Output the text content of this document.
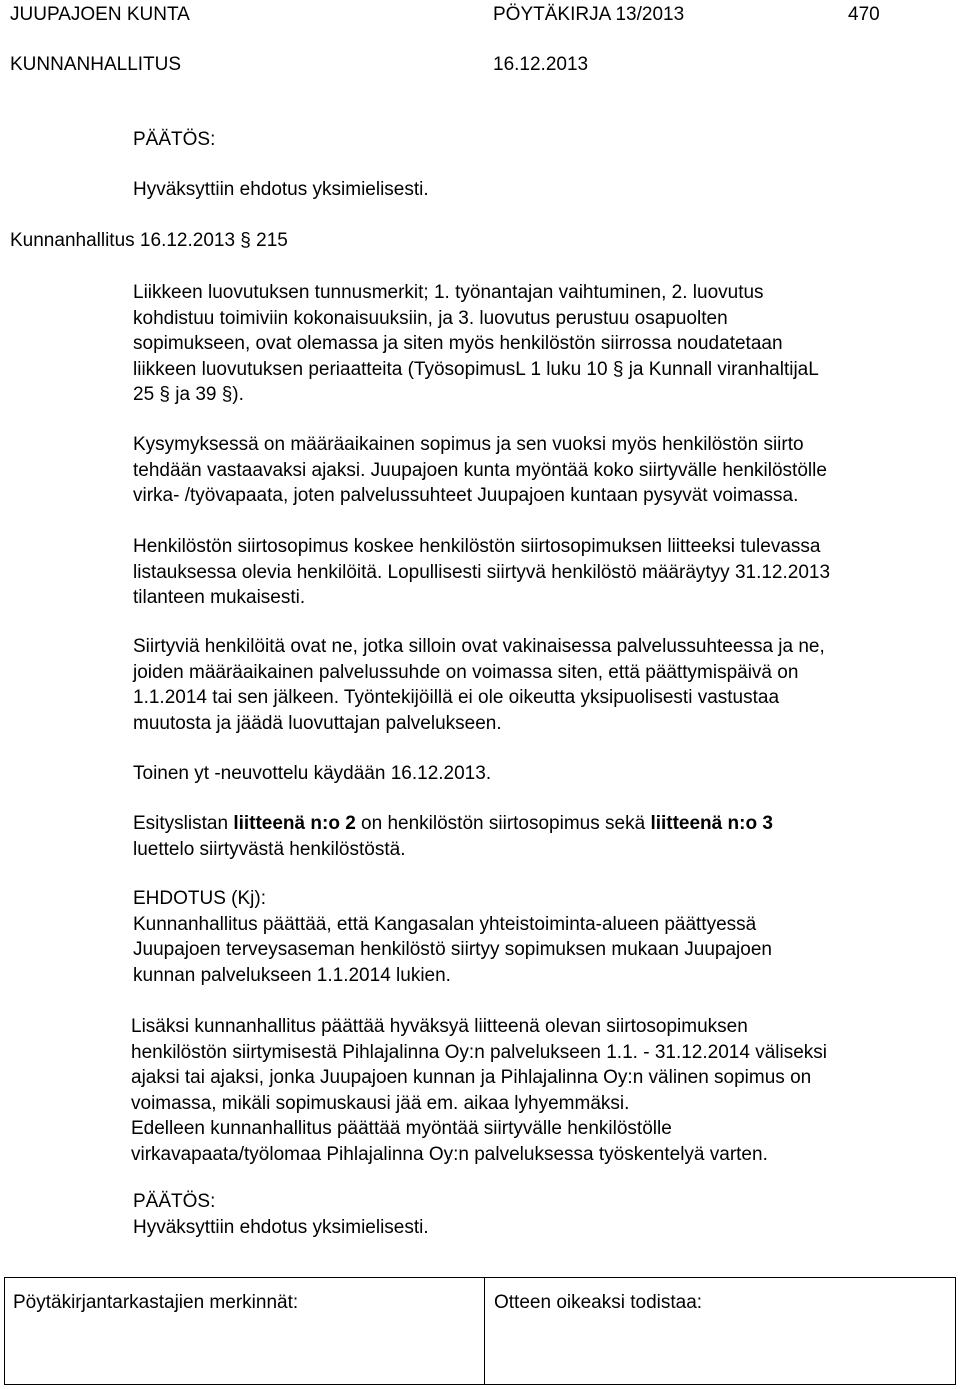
JUUPAJOEN KUNTA	PÖYTÄKIRJA 13/2013	470
KUNNANHALLITUS	16.12.2013
PÄÄTÖS:
Hyväksyttiin ehdotus yksimielisesti.
Kunnanhallitus 16.12.2013 § 215
Liikkeen luovutuksen tunnusmerkit; 1. työnantajan vaihtuminen, 2. luovutus
kohdistuu toimiviin kokonaisuuksiin, ja 3. luovutus perustuu osapuolten
sopimukseen, ovat olemassa ja siten myös henkilöstön siirrossa noudatetaan
liikkeen luovutuksen periaatteita (TyösopimusL 1 luku 10 § ja Kunnall viranhaltijaL
25 § ja 39 §).
Kysymyksessä on määräaikainen sopimus ja sen vuoksi myös henkilöstön siirto
tehdään vastaavaksi ajaksi. Juupajoen kunta myöntää koko siirtyvälle henkilöstölle
virka- /työvapaata, joten palvelussuhteet Juupajoen kuntaan pysyvät voimassa.
Henkilöstön siirtosopimus koskee henkilöstön siirtosopimuksen liitteeksi tulevassa
listauksessa olevia henkilöitä. Lopullisesti siirtyvä henkilöstö määräytyy 31.12.2013
tilanteen mukaisesti.
Siirtyviä henkilöitä ovat ne, jotka silloin ovat vakinaisessa palvelussuhteessa ja ne,
joiden määräaikainen palvelussuhde on voimassa siten, että päättymispäivä on
1.1.2014 tai sen jälkeen. Työntekijöillä ei ole oikeutta yksipuolisesti vastustaa
muutosta ja jäädä luovuttajan palvelukseen.
Toinen yt -neuvottelu käydään 16.12.2013.
Esityslistan liitteenä n:o 2 on henkilöstön siirtosopimus sekä liitteenä n:o 3
luettelo siirtyvästä henkilöstöstä.
EHDOTUS (Kj):
Kunnanhallitus päättää, että Kangasalan yhteistoiminta-alueen päättyessä
Juupajoen terveysaseman henkilöstö siirtyy sopimuksen mukaan Juupajoen
kunnan palvelukseen 1.1.2014 lukien.
Lisäksi kunnanhallitus päättää hyväksyä liitteenä olevan siirtosopimuksen
henkilöstön siirtymisestä Pihlajalinna Oy:n palvelukseen 1.1. - 31.12.2014 väliseksi
ajaksi tai ajaksi, jonka Juupajoen kunnan ja Pihlajalinna Oy:n välinen sopimus on
voimassa, mikäli sopimuskausi jää em. aikaa lyhyemmäksi.
Edelleen kunnanhallitus päättää myöntää siirtyvälle henkilöstölle
virkavapaata/työlomaa Pihlajalinna Oy:n palveluksessa työskentelyä varten.
PÄÄTÖS:
Hyväksyttiin ehdotus yksimielisesti.
Pöytäkirjantarkastajien merkinnät:	Otteen oikeaksi todistaa:
